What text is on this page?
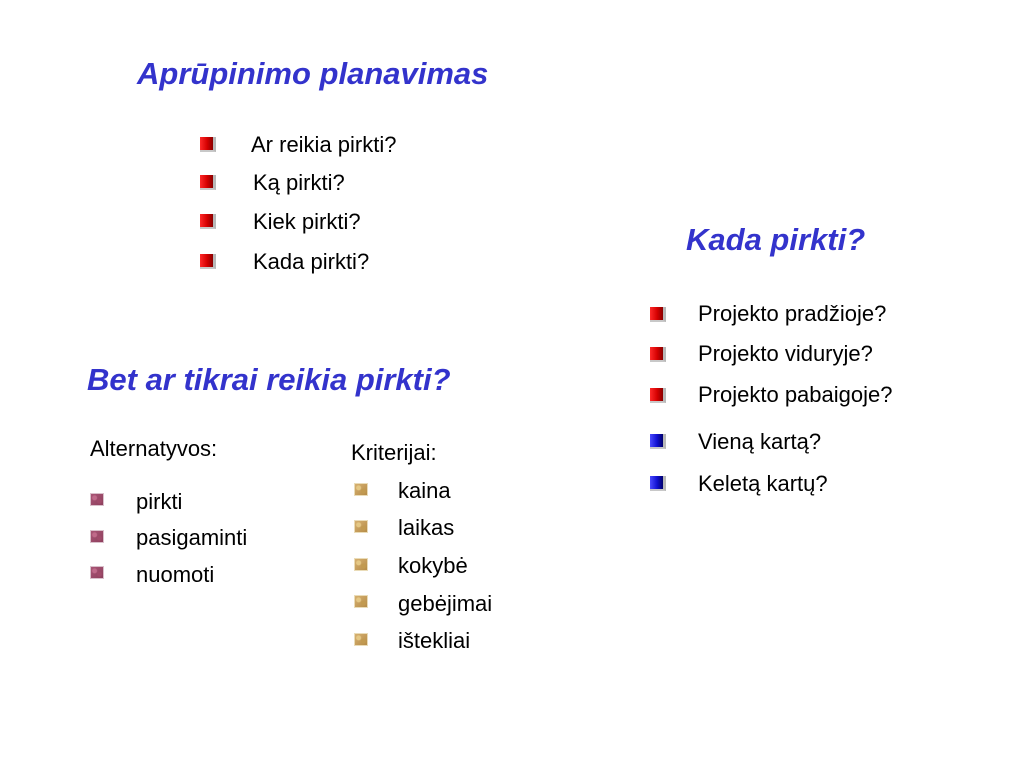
Aprūpinimo planavimas
Ar reikia pirkti?
Ką pirkti?
Kiek pirkti?
Kada pirkti?
Kada pirkti?
Projekto pradžioje?
Projekto viduryje?
Projekto pabaigoje?
Vieną kartą?
Keletą kartų?
Bet ar tikrai reikia pirkti?
Alternatyvos:
pirkti
pasigaminti
nuomoti
Kriterijai:
kaina
laikas
kokybė
gebėjimai
ištekliai
